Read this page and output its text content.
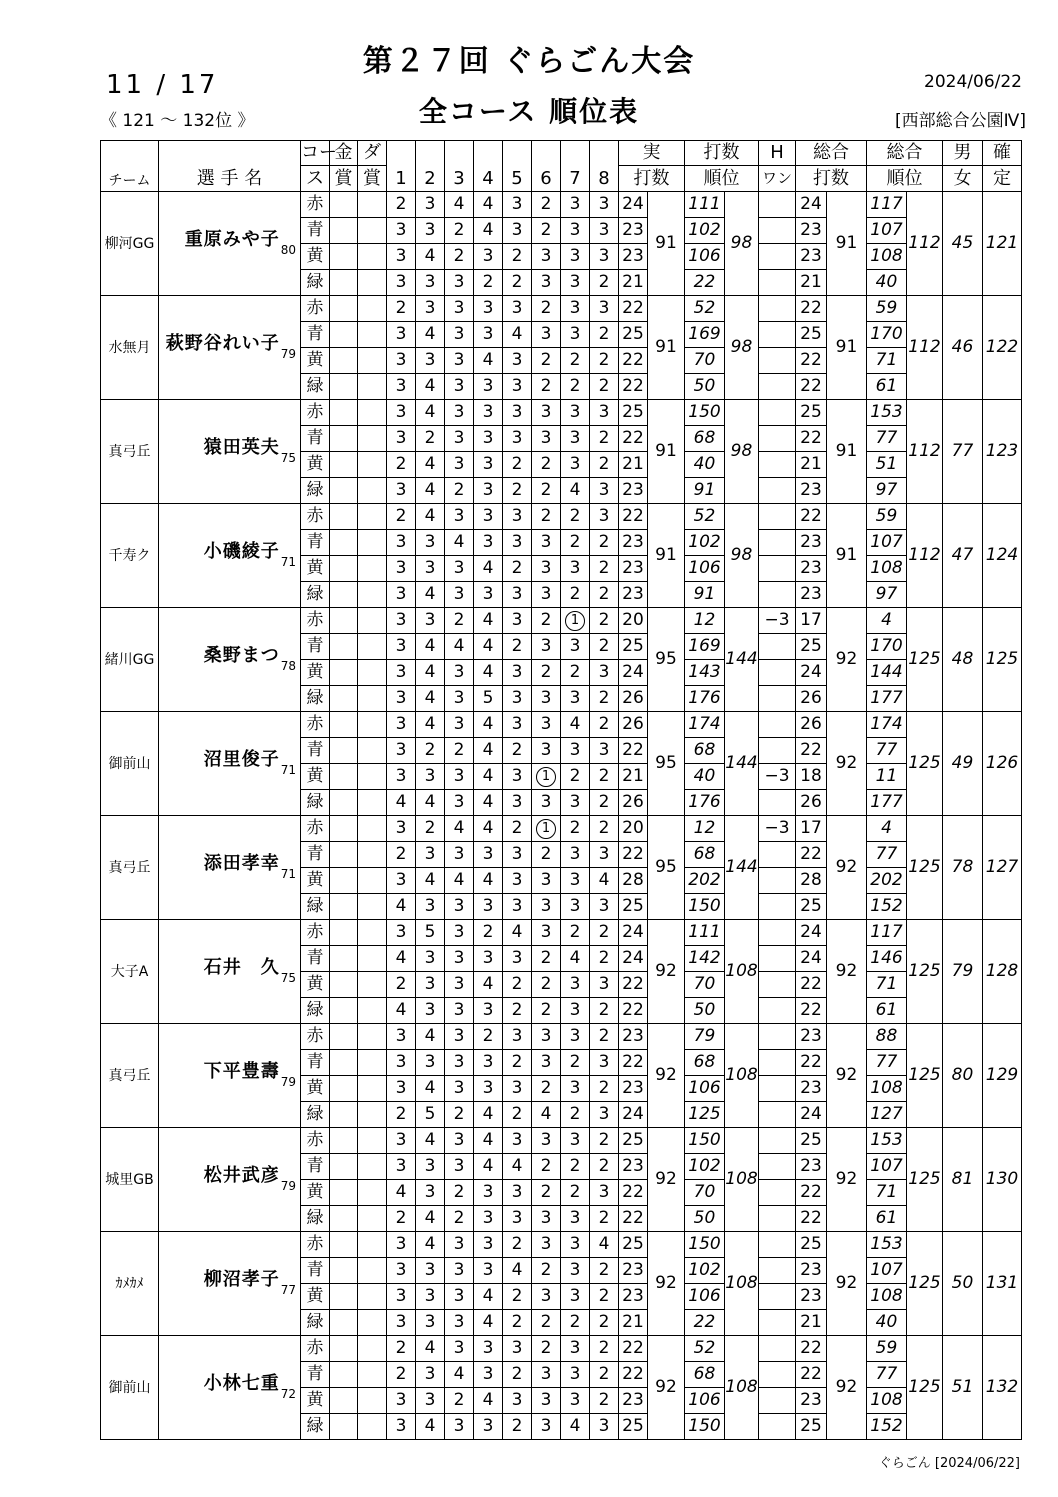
第２７回 ぐらごん大会
11 / 17
《 121 ～ 132位 》	全コース 順位表
2024/06/22
[西部総合公園Ⅳ]
チーム	選 手 名	コー	金	ダ	1	2	3	4	5	6	7	8	実		打数		H	総合		総合		男	確
		ス	賞	賞									打数		順位		ワン	打数		順位		女	定
柳河GG	重原みや子$_{80}$	赤			2	3	4	4	3	2	3	3	24	91	111	98		24	91	117	112	45	121
		青			3	3	2	4	3	2	3	3	23		102			23		107			
		黄			3	4	2	3	2	3	3	3	23		106			23		108			
		緑			3	3	3	2	2	3	3	2	21		22			21		40			
水無月	萩野谷れい子$_{79}$	赤			2	3	3	3	3	2	3	3	22	91	52	98		22	91	59	112	46	122
		青			3	4	3	3	4	3	3	2	25		169			25		170			
		黄			3	3	3	4	3	2	2	2	22		70			22		71			
		緑			3	4	3	3	3	2	2	2	22		50			22		61			
真弓丘	猿田英夫$_{75}$	赤			3	4	3	3	3	3	3	3	25	91	150	98		25	91	153	112	77	123
		青			3	2	3	3	3	3	3	2	22		68			22		77			
		黄			2	4	3	3	2	2	3	2	21		40			21		51			
		緑			3	4	2	3	2	2	4	3	23		91			23		97			
千寿ク	小磯綾子$_{71}$	赤			2	4	3	3	3	2	2	3	22	91	52	98		22	91	59	112	47	124
		青			3	3	4	3	3	3	2	2	23		102			23		107			
		黄			3	3	3	4	2	3	3	2	23		106			23		108			
		緑			3	4	3	3	3	3	2	2	23		91			23		97			
緒川GG	桑野まつ$_{78}$	赤			3	3	2	4	3	2	1	2	20	95	12	144	−3	17	92	4	125	48	125
		青			3	4	4	4	2	3	3	2	25		169			25		170			
		黄			3	4	3	4	3	2	2	3	24		143			24		144			
		緑			3	4	3	5	3	3	3	2	26		176			26		177			
御前山	沼里俊子$_{71}$	赤			3	4	3	4	3	3	4	2	26	95	174	144		26	92	174	125	49	126
		青			3	2	2	4	2	3	3	3	22		68			22		77			
		黄			3	3	3	4	3	1	2	2	21		40		−3	18		11			
		緑			4	4	3	4	3	3	3	2	26		176			26		177			
真弓丘	添田孝幸$_{71}$	赤			3	2	4	4	2	1	2	2	20	95	12	144	−3	17	92	4	125	78	127
		青			2	3	3	3	3	2	3	3	22		68			22		77			
		黄			3	4	4	4	3	3	3	4	28		202			28		202			
		緑			4	3	3	3	3	3	3	3	25		150			25		152			
大子A	石井　久$_{75}$	赤			3	5	3	2	4	3	2	2	24	92	111	108		24	92	117	125	79	128
		青			4	3	3	3	3	2	4	2	24		142			24		146			
		黄			2	3	3	4	2	2	3	3	22		70			22		71			
		緑			4	3	3	3	2	2	3	2	22		50			22		61			
真弓丘	下平豊壽$_{79}$	赤			3	4	3	2	3	3	3	2	23	92	79	108		23	92	88	125	80	129
		青			3	3	3	3	2	3	2	3	22		68			22		77			
		黄			3	4	3	3	3	2	3	2	23		106			23		108			
		緑			2	5	2	4	2	4	2	3	24		125			24		127			
城里GB	松井武彦$_{79}$	赤			3	4	3	4	3	3	3	2	25	92	150	108		25	92	153	125	81	130
		青			3	3	3	4	4	2	2	2	23		102			23		107			
		黄			4	3	2	3	3	2	2	3	22		70			22		71			
		緑			2	4	2	3	3	3	3	2	22		50			22		61			
ｶﾒｶﾒ	柳沼孝子$_{77}$	赤			3	4	3	3	2	3	3	4	25	92	150	108		25	92	153	125	50	131
		青			3	3	3	3	4	2	3	2	23		102			23		107			
		黄			3	3	3	4	2	3	3	2	23		106			23		108			
		緑			3	3	3	4	2	2	2	2	21		22			21		40			
御前山	小林七重$_{72}$	赤			2	4	3	3	3	2	3	2	22	92	52	108		22	92	59	125	51	132
		青			2	3	4	3	2	3	3	2	22		68			22		77			
		黄			3	3	2	4	3	3	3	2	23		106			23		108			
		緑			3	4	3	3	2	3	4	3	25		150			25		152			
ぐらごん [2024/06/22]
